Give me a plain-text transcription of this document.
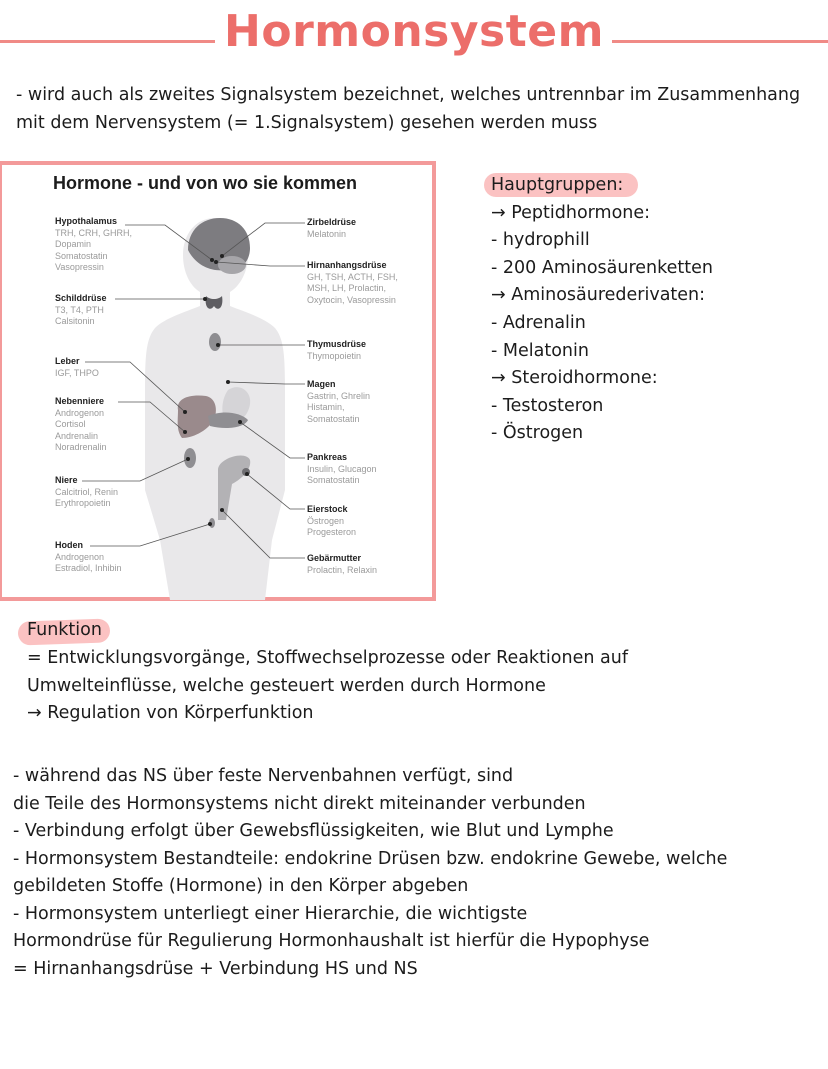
Hormonsystem
- wird auch als zweites Signalsystem bezeichnet, welches untrennbar im Zusammenhang
mit dem Nervensystem (= 1.Signalsystem) gesehen werden muss
Hormone - und von wo sie kommen
Hypothalamus
TRH, CRH, GHRH,
Dopamin
Somatostatin
Vasopressin
Schilddrüse
T3, T4, PTH
Calsitonin
Leber
IGF, THPO
Nebenniere
Androgenon
Cortisol
Andrenalin
Noradrenalin
Niere
Calcitriol, Renin
Erythropoietin
Hoden
Androgenon
Estradiol, Inhibin
Zirbeldrüse
Melatonin
Hirnanhangsdrüse
GH, TSH, ACTH, FSH,
MSH, LH, Prolactin,
Oxytocin, Vasopressin
Thymusdrüse
Thymopoietin
Magen
Gastrin, Ghrelin
Histamin,
Somatostatin
Pankreas
Insulin, Glucagon
Somatostatin
Eierstock
Östrogen
Progesteron
Gebärmutter
Prolactin, Relaxin
Hauptgruppen:
→ Peptidhormone:
- hydrophill
- 200 Aminosäurenketten
→ Aminosäurederivaten:
- Adrenalin
- Melatonin
→ Steroidhormone:
- Testosteron
- Östrogen
Funktion
= Entwicklungsvorgänge, Stoffwechselprozesse oder Reaktionen auf
Umwelteinflüsse, welche gesteuert werden durch Hormone
→ Regulation von Körperfunktion
- während das NS über feste Nervenbahnen verfügt, sind
die Teile des Hormonsystems nicht direkt miteinander verbunden
- Verbindung erfolgt über Gewebsflüssigkeiten, wie Blut und Lymphe
- Hormonsystem Bestandteile: endokrine Drüsen bzw. endokrine Gewebe, welche
gebildeten Stoffe (Hormone) in den Körper abgeben
- Hormonsystem unterliegt einer Hierarchie, die wichtigste
Hormondrüse für Regulierung Hormonhaushalt ist hierfür die Hypophyse
= Hirnanhangsdrüse + Verbindung HS und NS
